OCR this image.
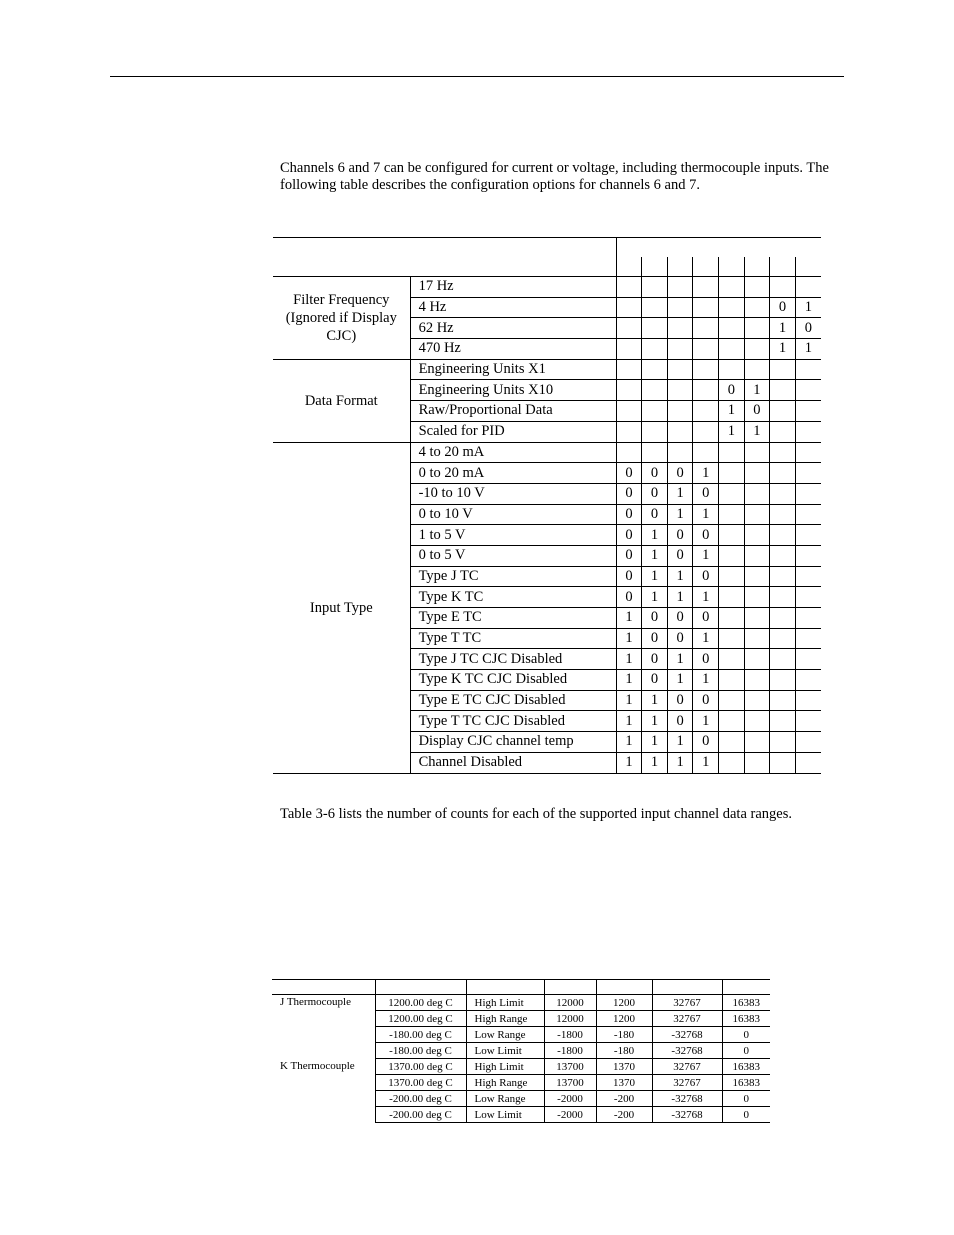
Channels 6 and 7 can be configured for current or voltage, including thermocouple inputs. The following table describes the configuration options for channels 6 and 7.

Filter Frequency (Ignored if Display CJC)	17 Hz								
	4 Hz							0	1
	62 Hz							1	0
	470 Hz							1	1
Data Format	Engineering Units X1								
	Engineering Units X10					0	1		
	Raw/Proportional Data					1	0		
	Scaled for PID					1	1		
Input Type	4 to 20 mA								
	0 to 20 mA	0	0	0	1				
	-10 to 10 V	0	0	1	0				
	0 to 10 V	0	0	1	1				
	1 to 5 V	0	1	0	0				
	0 to 5 V	0	1	0	1				
	Type J TC	0	1	1	0				
	Type K TC	0	1	1	1				
	Type E TC	1	0	0	0				
	Type T TC	1	0	0	1				
	Type J TC CJC Disabled	1	0	1	0				
	Type K TC CJC Disabled	1	0	1	1				
	Type E TC CJC Disabled	1	1	0	0				
	Type T TC CJC Disabled	1	1	0	1				
	Display CJC channel temp	1	1	1	0				
	Channel Disabled	1	1	1	1				

Table 3-6 lists the number of counts for each of the supported input channel data ranges.

J Thermocouple	1200.00 deg C	High Limit	12000	1200	32767	16383
	1200.00 deg C	High Range	12000	1200	32767	16383
	-180.00 deg C	Low Range	-1800	-180	-32768	0
	-180.00 deg C	Low Limit	-1800	-180	-32768	0
K Thermocouple	1370.00 deg C	High Limit	13700	1370	32767	16383
	1370.00 deg C	High Range	13700	1370	32767	16383
	-200.00 deg C	Low Range	-2000	-200	-32768	0
	-200.00 deg C	Low Limit	-2000	-200	-32768	0
